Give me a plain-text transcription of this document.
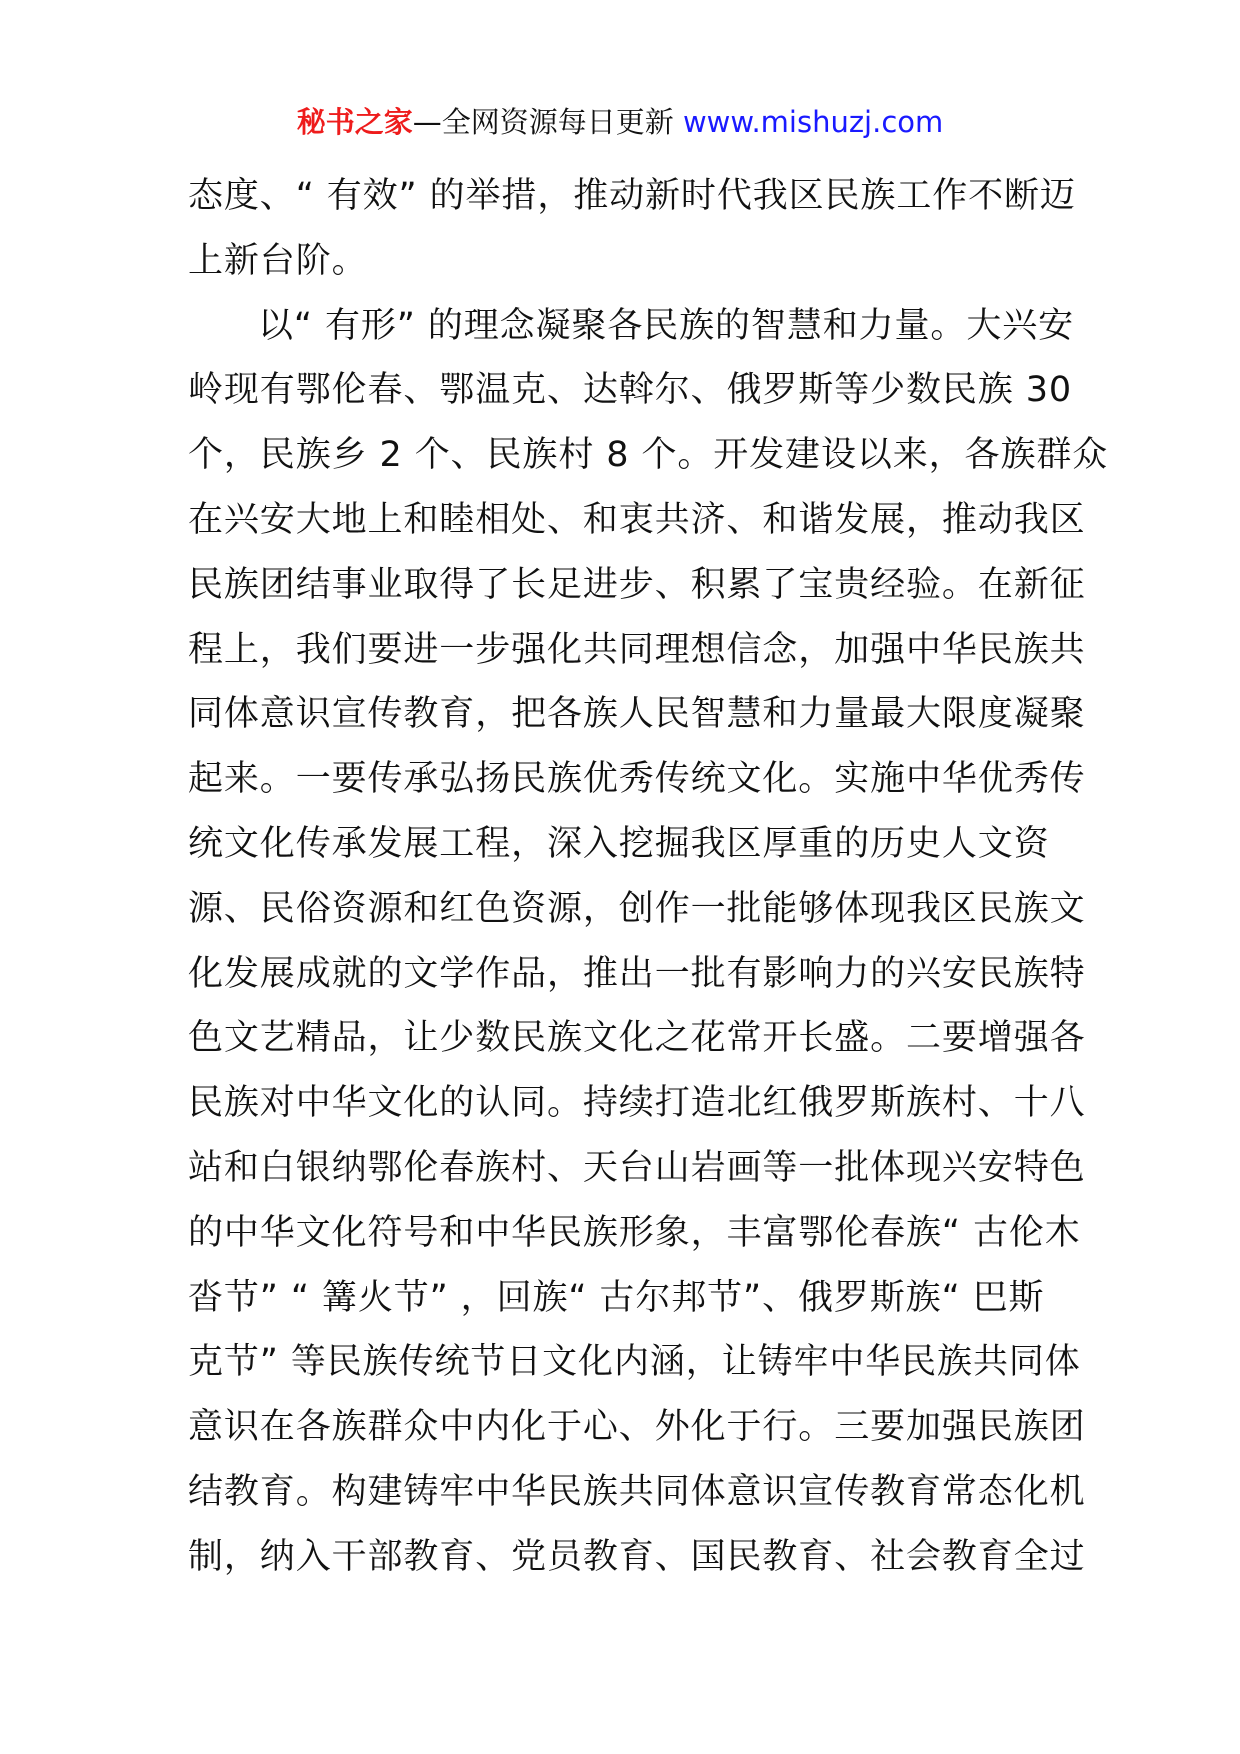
秘书之家—全网资源每日更新 www.mishuzj.com
态度、“ 有效” 的举措，推动新时代我区民族工作不断迈
上新台阶。
以“ 有形” 的理念凝聚各民族的智慧和力量。大兴安
岭现有鄂伦春、鄂温克、达斡尔、俄罗斯等少数民族 30
个，民族乡 2 个、民族村 8 个。开发建设以来，各族群众
在兴安大地上和睦相处、和衷共济、和谐发展，推动我区
民族团结事业取得了长足进步、积累了宝贵经验。在新征
程上，我们要进一步强化共同理想信念，加强中华民族共
同体意识宣传教育，把各族人民智慧和力量最大限度凝聚
起来。一要传承弘扬民族优秀传统文化。实施中华优秀传
统文化传承发展工程，深入挖掘我区厚重的历史人文资
源、民俗资源和红色资源，创作一批能够体现我区民族文
化发展成就的文学作品，推出一批有影响力的兴安民族特
色文艺精品，让少数民族文化之花常开长盛。二要增强各
民族对中华文化的认同。持续打造北红俄罗斯族村、十八
站和白银纳鄂伦春族村、天台山岩画等一批体现兴安特色
的中华文化符号和中华民族形象，丰富鄂伦春族“ 古伦木
沓节” “ 篝火节” ，回族“ 古尔邦节”、俄罗斯族“ 巴斯
克节” 等民族传统节日文化内涵，让铸牢中华民族共同体
意识在各族群众中内化于心、外化于行。三要加强民族团
结教育。构建铸牢中华民族共同体意识宣传教育常态化机
制，纳入干部教育、党员教育、国民教育、社会教育全过
